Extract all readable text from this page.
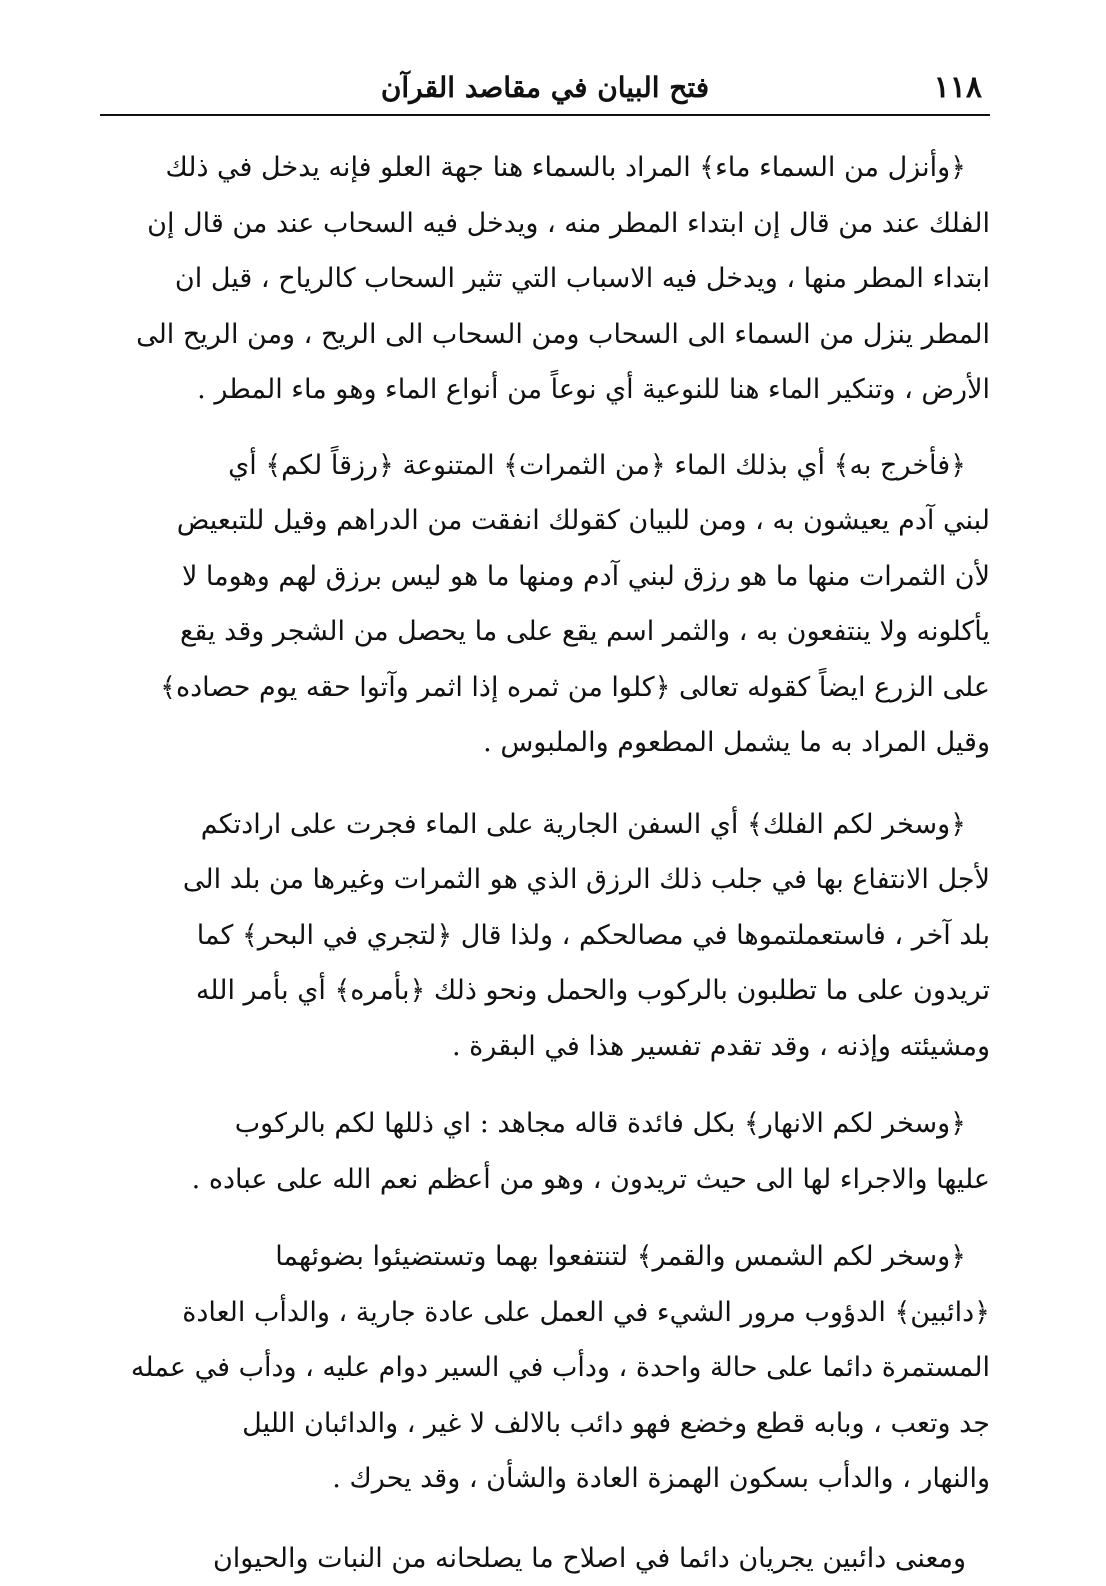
١١٨
فتح البيان في مقاصد القرآن

﴿وأنزل من السماء ماء﴾ المراد بالسماء هنا جهة العلو فإنه يدخل في ذلك
الفلك عند من قال إن ابتداء المطر منه ، ويدخل فيه السحاب عند من قال إن
ابتداء المطر منها ، ويدخل فيه الاسباب التي تثير السحاب كالرياح ، قيل ان
المطر ينزل من السماء الى السحاب ومن السحاب الى الريح ، ومن الريح الى
الأرض ، وتنكير الماء هنا للنوعية أي نوعاً من أنواع الماء وهو ماء المطر .

﴿فأخرج به﴾ أي بذلك الماء ﴿من الثمرات﴾ المتنوعة ﴿رزقاً لكم﴾ أي
لبني آدم يعيشون به ، ومن للبيان كقولك انفقت من الدراهم وقيل للتبعيض
لأن الثمرات منها ما هو رزق لبني آدم ومنها ما هو ليس برزق لهم وهوما لا
يأكلونه ولا ينتفعون به ، والثمر اسم يقع على ما يحصل من الشجر وقد يقع
على الزرع ايضاً كقوله تعالى ﴿كلوا من ثمره إذا اثمر وآتوا حقه يوم حصاده﴾
وقيل المراد به ما يشمل المطعوم والملبوس .

﴿وسخر لكم الفلك﴾ أي السفن الجارية على الماء فجرت على ارادتكم
لأجل الانتفاع بها في جلب ذلك الرزق الذي هو الثمرات وغيرها من بلد الى
بلد آخر ، فاستعملتموها في مصالحكم ، ولذا قال ﴿لتجري في البحر﴾ كما
تريدون على ما تطلبون بالركوب والحمل ونحو ذلك ﴿بأمره﴾ أي بأمر الله
ومشيئته وإذنه ، وقد تقدم تفسير هذا في البقرة .

﴿وسخر لكم الانهار﴾ بكل فائدة قاله مجاهد : اي ذللها لكم بالركوب
عليها والاجراء لها الى حيث تريدون ، وهو من أعظم نعم الله على عباده .

﴿وسخر لكم الشمس والقمر﴾ لتنتفعوا بهما وتستضيئوا بضوئهما
﴿دائبين﴾ الدؤوب مرور الشيء في العمل على عادة جارية ، والدأب العادة
المستمرة دائما على حالة واحدة ، ودأب في السير دوام عليه ، ودأب في عمله
جد وتعب ، وبابه قطع وخضع فهو دائب بالالف لا غير ، والدائبان الليل
والنهار ، والدأب بسكون الهمزة العادة والشأن ، وقد يحرك .

ومعنى دائبين يجريان دائما في اصلاح ما يصلحانه من النبات والحيوان
